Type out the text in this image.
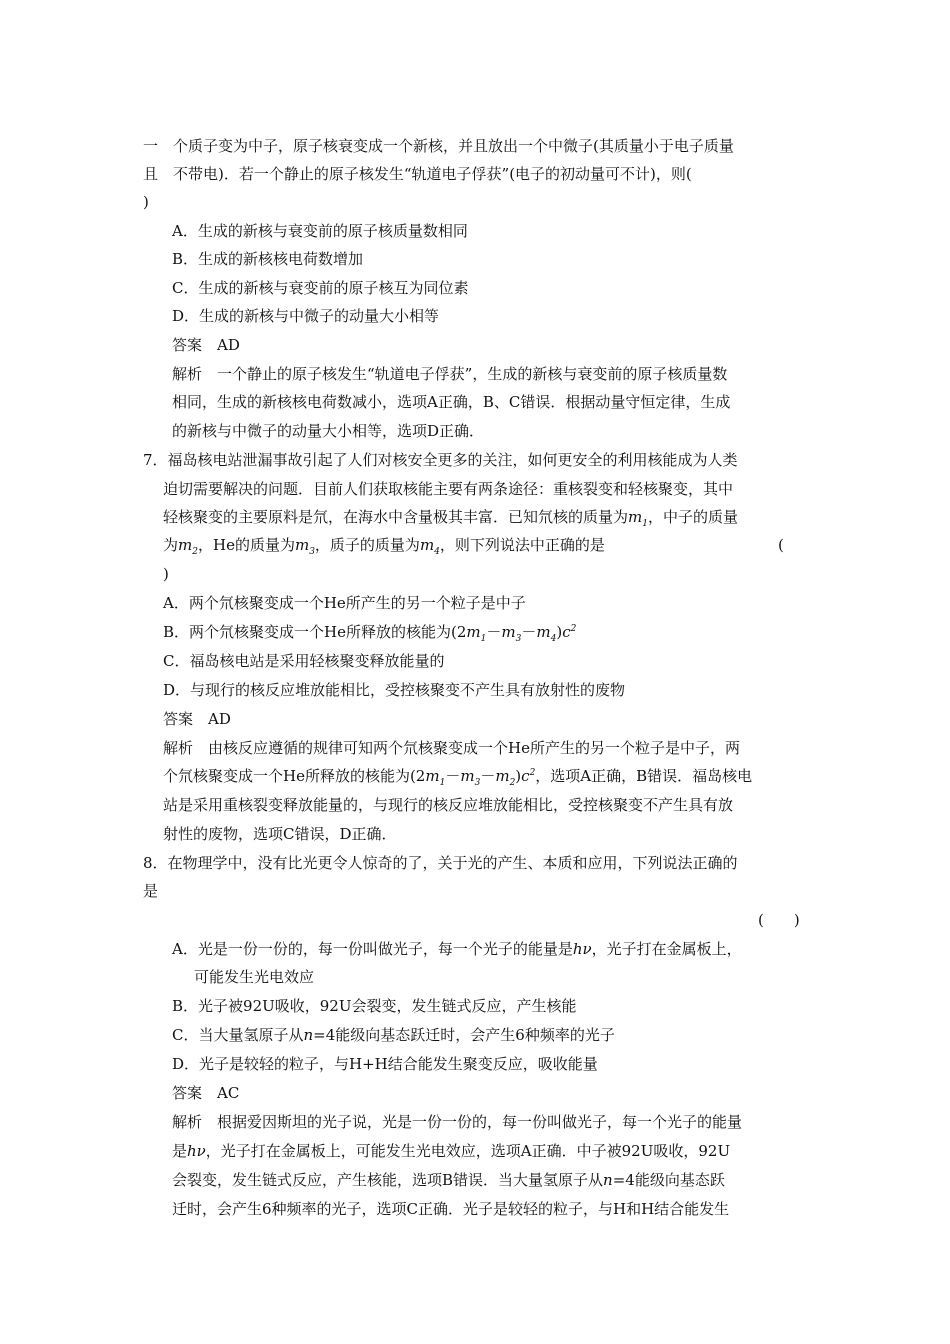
一　个质子变为中子，原子核衰变成一个新核，并且放出一个中微子(其质量小于电子质量
且　不带电)．若一个静止的原子核发生“轨道电子俘获”(电子的初动量可不计)，则(
)
A．生成的新核与衰变前的原子核质量数相同
B．生成的新核核电荷数增加
C．生成的新核与衰变前的原子核互为同位素
D．生成的新核与中微子的动量大小相等
答案　AD
解析　一个静止的原子核发生“轨道电子俘获”，生成的新核与衰变前的原子核质量数
相同，生成的新核核电荷数减小，选项A正确，B、C错误．根据动量守恒定律，生成
的新核与中微子的动量大小相等，选项D正确．
7．福岛核电站泄漏事故引起了人们对核安全更多的关注，如何更安全的利用核能成为人类
迫切需要解决的问题．目前人们获取核能主要有两条途径：重核裂变和轻核聚变，其中
轻核聚变的主要原料是氘，在海水中含量极其丰富．已知氘核的质量为$m_1$，中子的质量
为$m_2$，He的质量为$m_3$，质子的质量为$m_4$，则下列说法中正确的是	(
)
A．两个氘核聚变成一个He所产生的另一个粒子是中子
B．两个氘核聚变成一个He所释放的核能为$(2m_1-m_3-m_4)c^2$
C．福岛核电站是采用轻核聚变释放能量的
D．与现行的核反应堆放能相比，受控核聚变不产生具有放射性的废物
答案　AD
解析　由核反应遵循的规律可知两个氘核聚变成一个He所产生的另一个粒子是中子，两
个氘核聚变成一个He所释放的核能为$(2m_1-m_3-m_2)c^2$，选项A正确，B错误．福岛核电
站是采用重核裂变释放能量的，与现行的核反应堆放能相比，受控核聚变不产生具有放
射性的废物，选项C错误，D正确．
8．在物理学中，没有比光更令人惊奇的了，关于光的产生、本质和应用，下列说法正确的
是
(　　)
A．光是一份一份的，每一份叫做光子，每一个光子的能量是hν，光子打在金属板上，
可能发生光电效应
B．光子被92U吸收，92U会裂变，发生链式反应，产生核能
C．当大量氢原子从n=4能级向基态跃迁时，会产生6种频率的光子
D．光子是较轻的粒子，与H+H结合能发生聚变反应，吸收能量
答案　AC
解析　根据爱因斯坦的光子说，光是一份一份的，每一份叫做光子，每一个光子的能量
是hν，光子打在金属板上，可能发生光电效应，选项A正确．中子被92U吸收，92U
会裂变，发生链式反应，产生核能，选项B错误．当大量氢原子从n=4能级向基态跃
迁时，会产生6种频率的光子，选项C正确．光子是较轻的粒子，与H和H结合能发生
